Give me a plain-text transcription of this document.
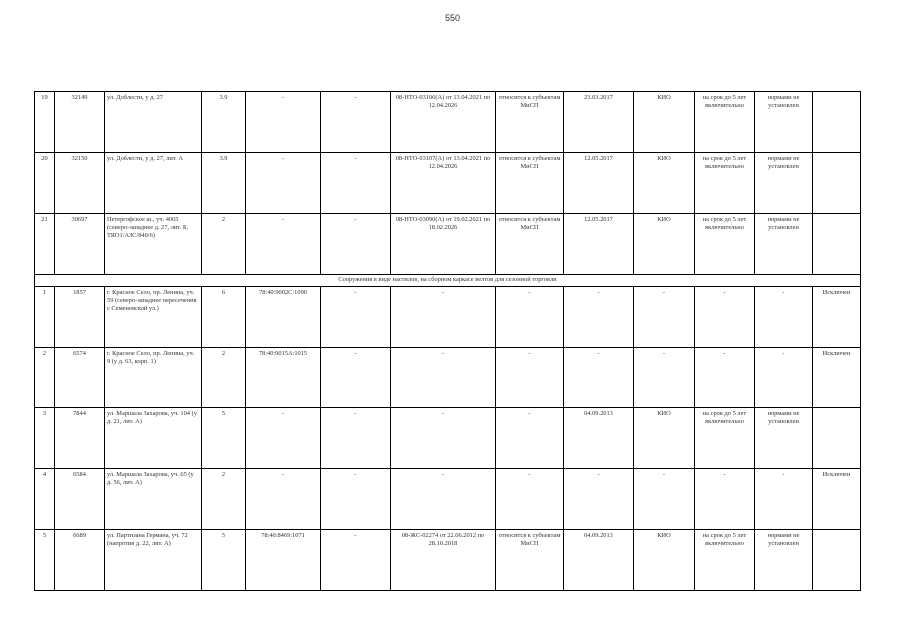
550
19	32149	ул. Доблести, у д. 27	3.9	-	-	08-НТО-03106(А) от 13.04.2021 по 12.04.2026	относится к субъектам МиСП	23.03.2017	КИО	на срок до 5 лет включительно	нормами не установлен	
20	32150	ул. Доблести, у д. 27, лит. А	3.9	-	-	08-НТО-03107(А) от 13.04.2021 по 12.04.2026	относится к субъектам МиСП	12.05.2017	КИО	на срок до 5 лет включительно	нормами не установлен	
21	30697	Петергофское ш., уч. 4065 (северо-западнее д. 27, лит. Б, ТЯО1/АЗС/840/6)	2	-	-	08-НТО-03090(А) от 19.02.2021 по 18.02.2026	относится к субъектам МиСП	12.05.2017	КИО	на срок до 5 лет включительно	нормами не установлен	
Сооружения в виде настилов, на сборном каркасе велтов для сезонной торговли												
1	1857	г. Красное Село, пр. Ленина, уч. 59 (северо-западнее пересечения с Семеновской ул.)	6	78:40:9002С:1090	-	-	-	-	-	-	-	Исключен
2	6574	г. Красное Село, пр. Ленина, уч. 9 (у д. 63, корп. 1)	2	78:40:9015А:1015	-	-	-	-	-	-	-	Исключен
3	7844	ул. Маршала Захарова, уч. 104 (у д. 21, лит. А)	5	-	-	-	-	04.09.2013	КИО	на срок до 5 лет включительно	нормами не установлен	
4	6584	ул. Маршала Захарова, уч. 65 (у д. 56, лит. А)	2	-	-	-	-	-	-	-	-	Исключен
5	6689	ул. Партизана Германа, уч. 72 (напротив д. 22, лит. А)	5	78:40:8469:1071	-	08-ЖС-02274 от 22.06.2012 по 28.10.2018	относится к субъектам МиСП	04.09.2013	КИО	на срок до 5 лет включительно	нормами не установлен	
